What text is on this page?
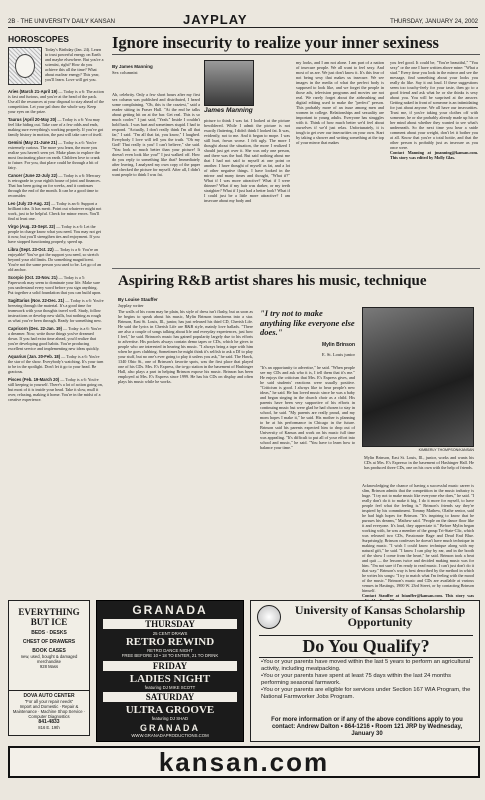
2B · THE UNIVERSITY DAILY KANSAN	JAYPLAY	THURSDAY, JANUARY 24, 2002
HOROSCOPES
Today's Birthday (Jan. 24). Learn to trust powerful energy on Earth and maybe elsewhere. But you're a scientist, right? How do you achieve this all the time? What about nuclear energy? This year, you'll learn. Love will get you.
Aries (March 21-April 19) — Today is a 6: The action is fast and furious, and you're at the head of the pack. Use all the resources at your disposal to stay ahead of the competition. Let your pal draw the whole way. Keep your eyes on the prize.
Taurus (April 20-May 20) — Today is a 6: You may feel like hiding out. Take care of a few odds and ends, making sure everything's working properly. If you've got family history in motion, the past will take care of itself.
Gemini (May 21-June 21) — Today is a 6: You're extremely curious. The more you learn, the more you realize you haven't seen yet. Make plans to explore the most fascinating place on earth. Children love to crank to future. For you, that place could be through a bit of fairy.
Cancer (June 22-July 22) — Today is a 6: Mercury is retrograde in your eighth house of joint and finances. That has been going on for weeks, and it continues through the end of the month. It can be a good time to reconsider.
Leo (July 23-Aug. 22) — Today is an 6: Support a brilliant idea. It has merit. Point out whatever might not work, just to be helpful. Check for minor errors. You'll find at least one.
Virgo (Aug. 23-Sept. 22) — Today is a 6: Let the people in charge know what you need. You may not get it now, but you'll strengthen ties and enjoyment. If you have stopped functioning properly, speed up.
Libra (Sept. 23-Oct. 22) — Today is a 6: You're an enjoyable! You've got the support you need, so stretch beyond your old limits. Do something magnificent. You're not the same person you used to be. Let go of an old anchor.
Scorpio (Oct. 23-Nov. 21) — Today is a 5: Paperwork may seem to dominate your life. Make sure you understand every word before you sign anything. Put together a solid foundation that you can build upon.
Sagittarius (Nov. 22-Dec. 21) — Today is a 6: You're breezing through the material. It's a good time for teamwork with your thoughts travel well. Study, follow instructions or develop new skills, but nothing as rough as what you've been through. Ready for something new.
Capricorn (Dec. 22-Jan. 19) — Today is a 6: You're a dreamer. Now, write those things you've dreamed down. If you had extra time ahead, you'd realize that you're developing good habits. You're producing excellent service and implementing new ideas quickly.
Aquarius (Jan. 20-Feb. 18) — Today is a 6: You're the star of the show. Everybody's watching. It's your turn to be in the spotlight. Don't let it go to your head. Be gracious.
Pisces (Feb. 19-March 20) — Today is a 6: You're still keeping to yourself. There's a lot of action going on, but most of it is inside your head. Take it slow, mull it over, relaxing, making it home. You're in the midst of a creative experience.
Ignore insecurity to realize your inner sexiness
By James Manning
Sex columnist
James Manning
Ah, celebrity. Only a few short hours after my first sex column was published and distributed, I heard some complaining. "Oh, this is the craziest," said a reader sitting in Fraser Hall. "At the end he talks about getting hit on at the bar. Get real. This is so much cooler." I just said, "Yeah." Inside I couldn't hold back. I was hurt and sometimes stupid. I had to respond. "Actually, I don't really think I'm all that far," I said. "I'm all that fat, you know," I laughed. Everybody I love will tell you the truth. "Oh my God! That really is you! I can't believe," she said. "You look so much better than your picture! It doesn't even look like you!" I just walked off. How do you reply to something like that? Immediately after leaving, I analyzed my own copy of the paper and checked the picture for myself. After all, I didn't want people to think I was fat.
picture to think I was fat. I looked at the picture bewildered. While I admit the picture is not exactly flattering, I didn't think I looked fat. It was, evidently, not to me. And it began to mope. I was still hurt, frown worse. I felt ugly. The more I thought about the situation, the more I realized I should just get over it. She was only one person, and there was the bad. But said nothing about me that I had not said to myself at one point or another. I have thought of myself as fat, and a lot of other negative things. I have looked in the mirror and many times and thought, "What if?" What if I was more attractive? What if I were thinner? What if my hair was darker, or my teeth straighter? What if I just had a better look? What if I could just be a little more attractive? I am insecure about my body and
my looks, and I am not alone. I am part of a nation of insecure people. We all want to feel sexy. And most of us are. We just don't know it. It's this fear of not being sexy that makes us insecure. We see images in the media of what the perfect body is supposed to look like, and we forget the people in those ads, television programs and movies are not real. We rarely forget about the airbrushing and digital editing used to make the "perfect" person. This probably more of an issue among men and women in college. Relationships and sexuality are important to young adults. Everyone has struggles with it. Think of how much better we'd feel about ourselves if we'd just relax. Unfortunately, it is tough to get over our insecurities on your own. Start by taking a shower and writing something at the top of your mirror that makes
you feel good. It could be, "You're beautiful," "You sexy" or the one I have written above mine: "What a stud." Every time you look in the mirror and see the message, find something about your looks you really do like. Say it out loud. If these suggestions seem too touchy-feely for your taste, then go to a good friend and ask what he or she thinks is sexy about you. You will be surprised at the answer. Getting naked in front of someone is an intimidating for just about anyone. We all have our insecurities. Trust me, if you're taking your clothes off with someone, he or she probably already made up his or her mind about whether they wanted to see what's underneath. So the next time you hear a snide comment about your weight, don't let it bother you at all. Know that you're a total hottie, and that the other person is probably just as insecure as you once were.
Contact Manning at jmanning@kansan.com. This story was edited by Molly Glas.
Aspiring R&B artist shares his music, technique
By Louise Stauffer
Jayplay writer
"I try not to make anything like everyone else does."
Mylin Brinson
E. St. Louis junior
KIMBERLY THOMPSON/KANSAN
Mylin Brinson, East St. Louis, Ill., junior, works and wants his CDs at Mrs. E's Espresso in the basement of Hashinger Hall. He has produced three CDs, one on his own with the help of friends.
The walls of his room may be plain, his style of dress isn't flashy, but as soon as he begins to speak about his music, Mylin Brinson transforms into a star. Brinson, East St. Louis, Ill., junior, has just released his third CD, Cherish Life. He said the lyrics in Cherish Life are R&B style, mainly love ballads. "There are also a couple of songs talking about life and everyday experiences, just how I feel," he said. Brinson's music has gained popularity largely due to his efforts to advertise. His pockets always contain demo tapes or CDs, which he gives to people who are interested in hearing his music. "I always bring a tape with him when he goes clubbing. Sometimes he might think it's selfish to ask a DJ to play your stuff, but no one's ever going to play it unless you ask," he said. The Hawk, 1340 Ohio St., one of Brinson's favorite spots, was the first place that played one of his CDs. Mrs. E's Express, the to-go station in the basement of Hashinger Hall, also plays a part in helping Brinson expose his music. Brinson has been employed at Mrs. E's Express since 1999. He has his CDs on display and often plays his music while he works.
"It's an opportunity to advertise," he said. "When people see my CDs and ask who it is, I tell them that it's me." He enjoys the criticism that Mrs. E's Express gives, and he said students' reactions were usually positive. "Criticism is good. I always like to hear people's new ideas," he said. He has loved music since he was a baby and began singing in the church choir as a child. His parents have been very supportive of his efforts in continuing music but were glad he had chosen to stay in school, he said. "My parents are really proud, and my mom hopes I make it," he said. His mother is planning to be at his performance in Chicago in the future. Brinson said his parents expected him to drop out of University of Kansas and work on his music full time was appealing. "It's difficult to put all of your effort into school and music," he said. "You have to learn how to balance your time."
Acknowledging the chance of having a successful music career is slim, Brinson admits that the competition in the music industry is huge. "I try not to make music like everyone else does," he said. "I really don't do it to make it big. I do it more for myself, to have people feel what the feeling is." Brinson's friends say they're inspired by his commitment. Tommy Mathew, Olathe senior, said he had high hopes for Brinson. "It's inspiring to know that he pursues his dreams," Mathew said. "People on the dance floor like it and everyone. It's loud, they appreciate it." Before Mylin began working with, he was a member of the group Tri-State-Clic, which was released two CDs, Passionate Rage and Dead End Blue. Surprisingly, Brinson confesses he doesn't have much technique in making music. "I wish I could know technique along with my natural gift," he said. "I know I can play by ear, and in the booth of the show I come from the heart," he said. Brinson took a beat and quit — the lessons twice and decided making music was for him. "I'm not sure if I'm ready to read music. I can't just don't do it that way." Brinson's way is best described by the method in which he writes his songs: "I try to match what I'm feeling with the mood of the music." Brinson's music and CDs are available at various venues in Hastings, 1900 W. 23rd Street, or by contacting Brinson himself.
Contact Stauffer at lstauffer@kansan.com. This story was
EVERYTHING BUT ICE
BEDS · DESKS
CHEST OF DRAWERS
BOOK CASES
new, used, bought & damaged merchandise
928 Mass
DOVA AUTO CENTER
"For all your repair needs"
Import and Domestic · Repair & Maintenance · Machine Shop Service · Computer Diagnostics
841-4833
816 E. 19th
GRANADA
THURSDAY
25 CENT DRAWS
RETRO REWIND
RETRO DANCE NIGHT
FREE BEFORE 10 • 18 TO ENTER, 21 TO DRINK
FRIDAY
LADIES NIGHT
featuring DJ MIKE SCOTT
SATURDAY
ULTRA GROOVE
featuring DJ SHAD
GRANADA
WWW.GRANADAPRODUCTIONS.COM
University of Kansas Scholarship Opportunity
Do You Qualify?
• You or your parents have moved within the last 5 years to perform an agricultural activity, including meatpacking.
• You or your parents have spent at least 75 days within the last 24 months performing seasonal farmwork.
• You or your parents are eligible for services under Section 167 WIA Program, the National Farmworker Jobs Program.
For more information or if any of the above conditions apply to you contact: Andrew Dalton • 864-1216 • Room 121 JRP by Wednesday, January 30
kansan.com
